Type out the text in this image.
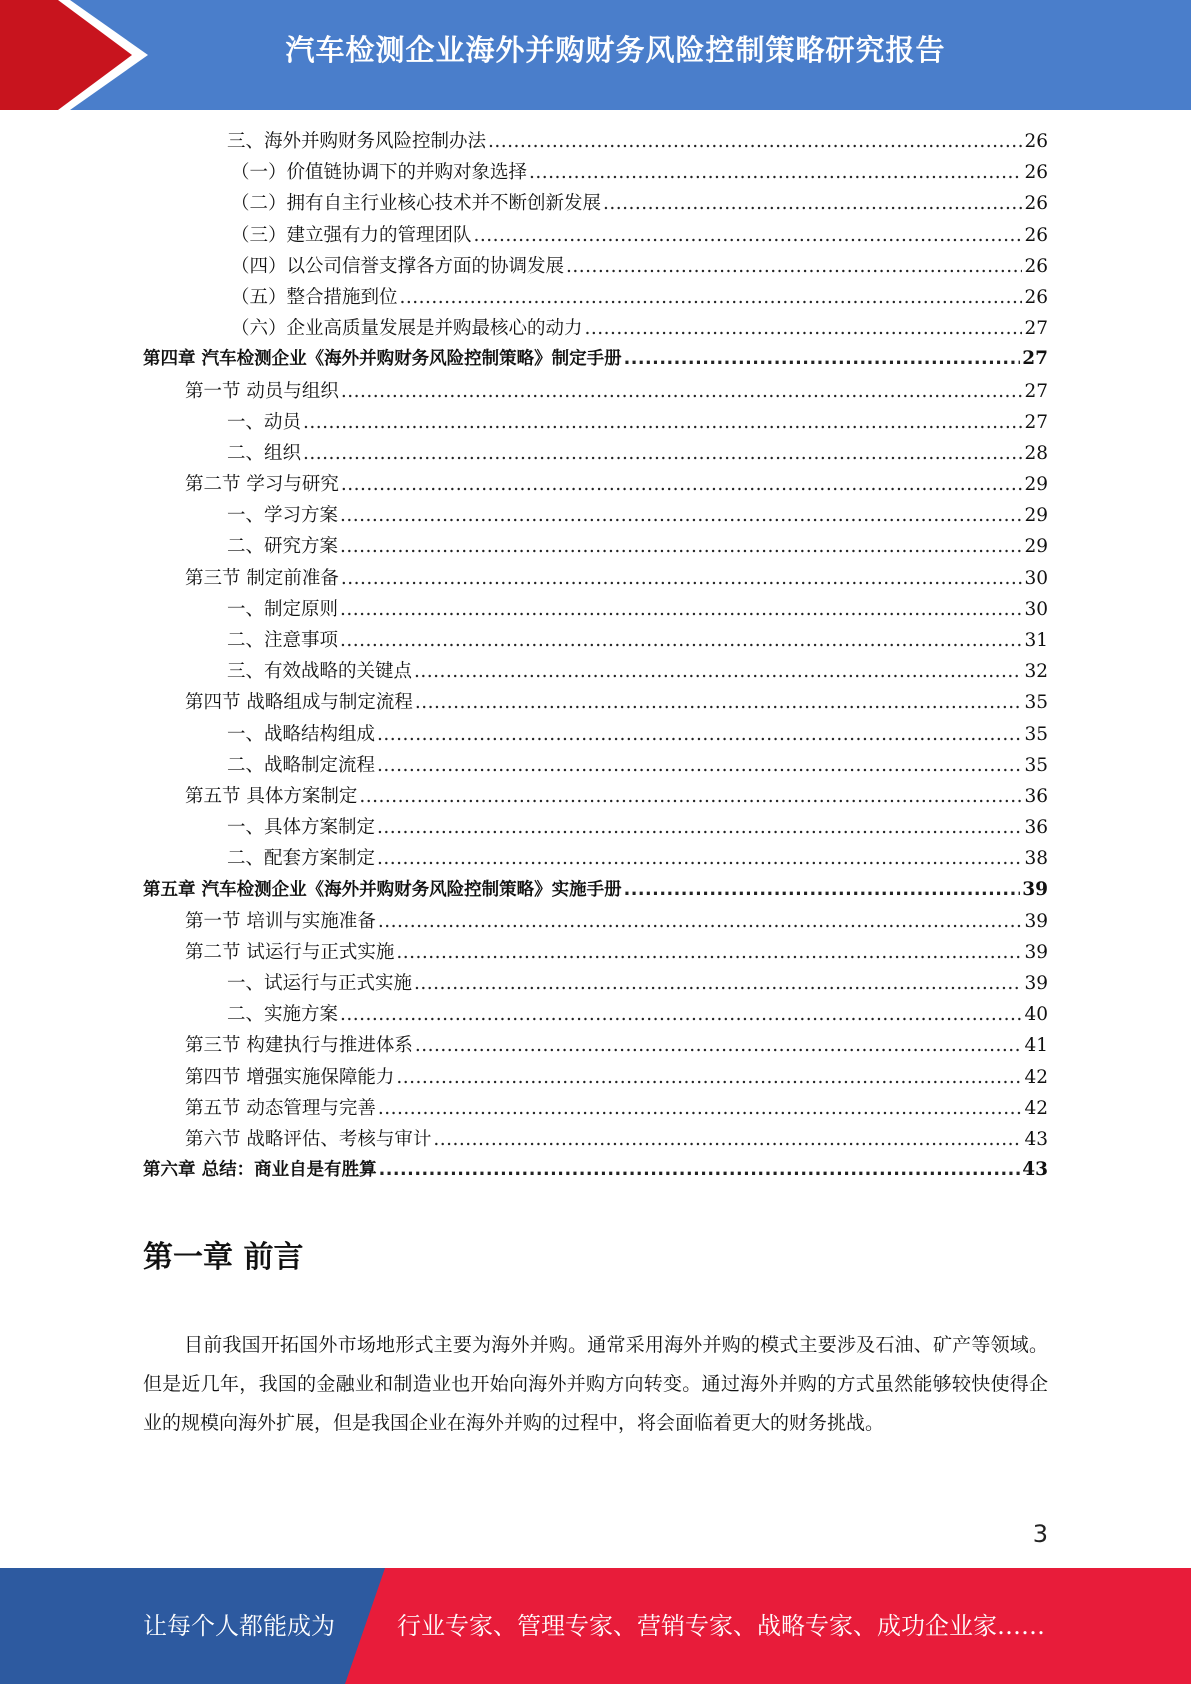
汽车检测企业海外并购财务风险控制策略研究报告
三、海外并购财务风险控制办法 .....	26
（一）价值链协调下的并购对象选择 .....	26
（二）拥有自主行业核心技术并不断创新发展 .....	26
（三）建立强有力的管理团队 .....	26
（四）以公司信誉支撑各方面的协调发展 .....	26
（五）整合措施到位 .....	26
（六）企业高质量发展是并购最核心的动力 .....	27
第四章 汽车检测企业《海外并购财务风险控制策略》制定手册 .....	27
第一节 动员与组织 .....	27
一、动员 .....	27
二、组织 .....	28
第二节 学习与研究 .....	29
一、学习方案 .....	29
二、研究方案 .....	29
第三节 制定前准备 .....	30
一、制定原则 .....	30
二、注意事项 .....	31
三、有效战略的关键点 .....	32
第四节 战略组成与制定流程 .....	35
一、战略结构组成 .....	35
二、战略制定流程 .....	35
第五节 具体方案制定 .....	36
一、具体方案制定 .....	36
二、配套方案制定 .....	38
第五章 汽车检测企业《海外并购财务风险控制策略》实施手册 .....	39
第一节 培训与实施准备 .....	39
第二节 试运行与正式实施 .....	39
一、试运行与正式实施 .....	39
二、实施方案 .....	40
第三节 构建执行与推进体系 .....	41
第四节 增强实施保障能力 .....	42
第五节 动态管理与完善 .....	42
第六节 战略评估、考核与审计 .....	43
第六章 总结：商业自是有胜算 .....	43
第一章 前言

目前我国开拓国外市场地形式主要为海外并购。通常采用海外并购的模式主要涉及石油、矿产等领域。但是近几年，我国的金融业和制造业也开始向海外并购方向转变。通过海外并购的方式虽然能够较快使得企业的规模向海外扩展，但是我国企业在海外并购的过程中，将会面临着更大的财务挑战。

3
让每个人都能成为	行业专家、管理专家、营销专家、战略专家、成功企业家……
